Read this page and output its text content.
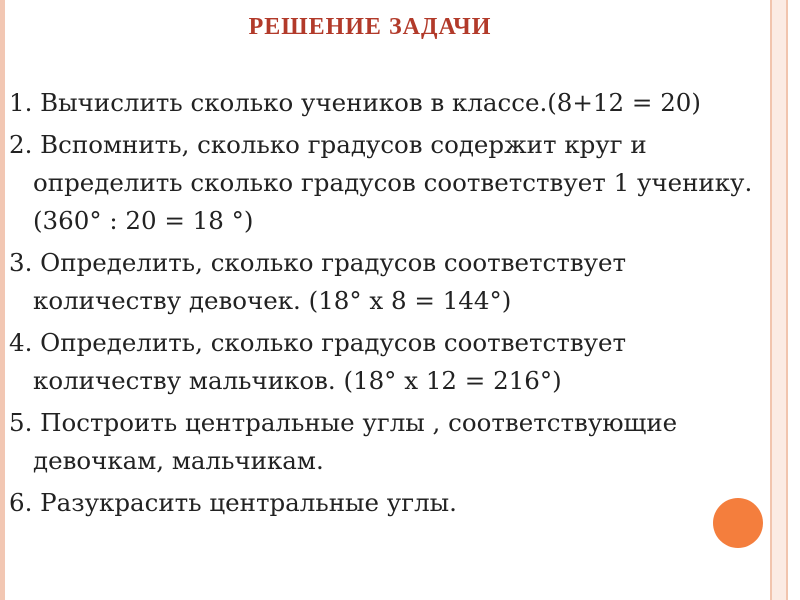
РЕШЕНИЕ ЗАДАЧИ
1. Вычислить сколько учеников в классе.(8+12 = 20)
2. Вспомнить, сколько градусов содержит круг и определить сколько градусов соответствует 1 ученику. (360° : 20 = 18 °)
3. Определить, сколько градусов соответствует количеству девочек. (18° х 8 = 144°)
4. Определить, сколько градусов соответствует количеству мальчиков. (18° х 12 = 216°)
5. Построить центральные углы , соответствующие девочкам, мальчикам.
6. Разукрасить центральные углы.
